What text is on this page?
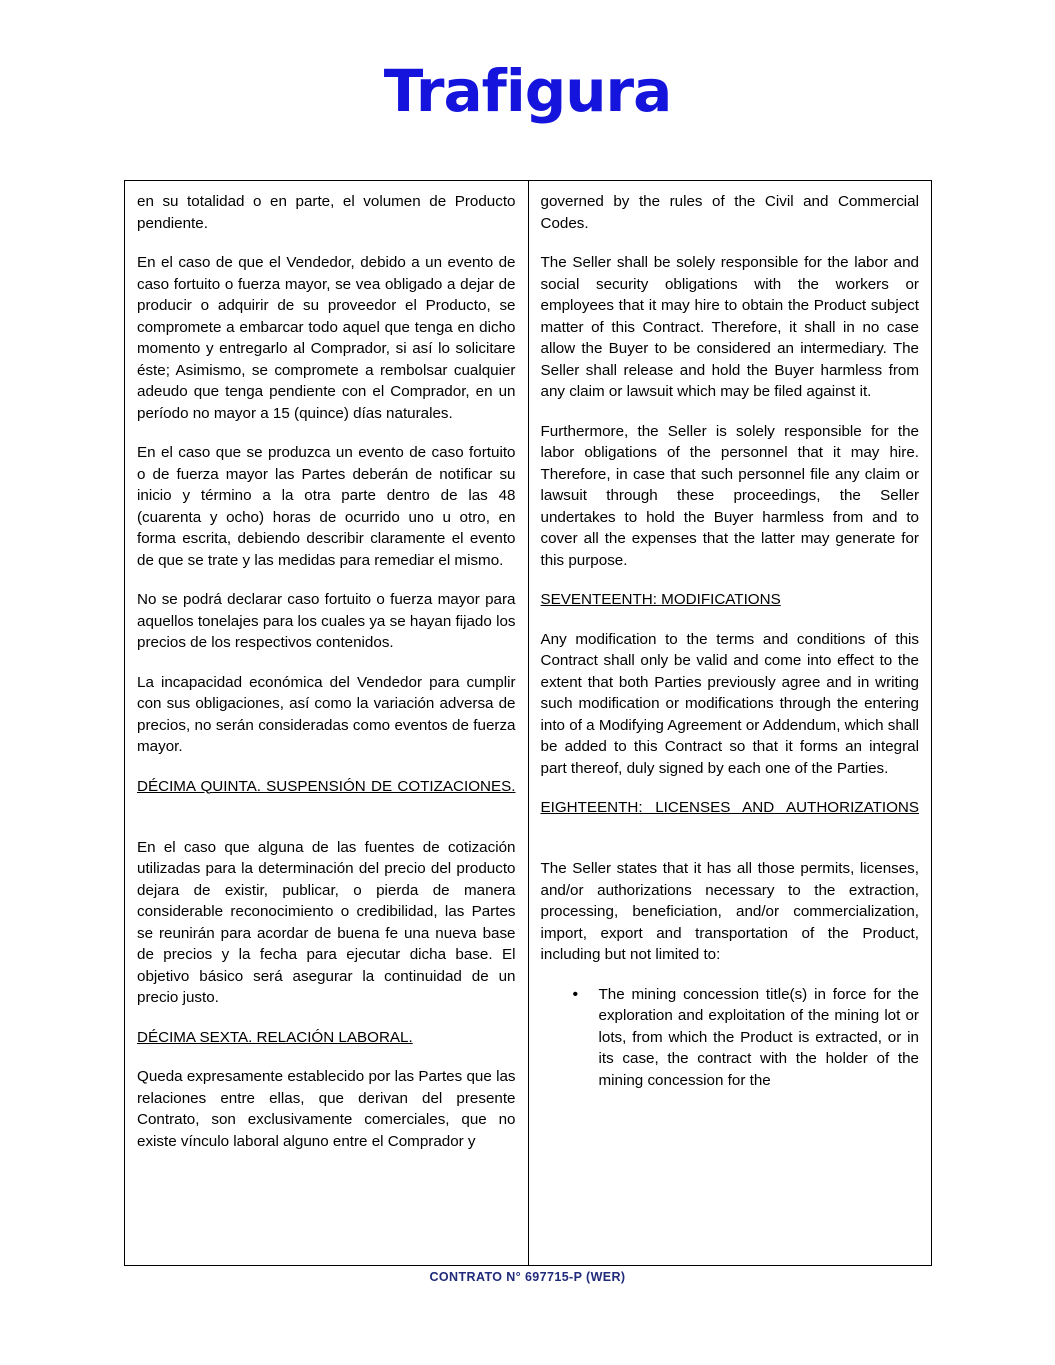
Trafigura

en su totalidad o en parte, el volumen de Producto pendiente.

En el caso de que el Vendedor, debido a un evento de caso fortuito o fuerza mayor, se vea obligado a dejar de producir o adquirir de su proveedor el Producto, se compromete a embarcar todo aquel que tenga en dicho momento y entregarlo al Comprador, si así lo solicitare éste; Asimismo, se compromete a rembolsar cualquier adeudo que tenga pendiente con el Comprador, en un período no mayor a 15 (quince) días naturales.

En el caso que se produzca un evento de caso fortuito o de fuerza mayor las Partes deberán de notificar su inicio y término a la otra parte dentro de las 48 (cuarenta y ocho) horas de ocurrido uno u otro, en forma escrita, debiendo describir claramente el evento de que se trate y las medidas para remediar el mismo.

No se podrá declarar caso fortuito o fuerza mayor para aquellos tonelajes para los cuales ya se hayan fijado los precios de los respectivos contenidos.

La incapacidad económica del Vendedor para cumplir con sus obligaciones, así como la variación adversa de precios, no serán consideradas como eventos de fuerza mayor.

DÉCIMA QUINTA. SUSPENSIÓN DE COTIZACIONES.

En el caso que alguna de las fuentes de cotización utilizadas para la determinación del precio del producto dejara de existir, publicar, o pierda de manera considerable reconocimiento o credibilidad, las Partes se reunirán para acordar de buena fe una nueva base de precios y la fecha para ejecutar dicha base. El objetivo básico será asegurar la continuidad de un precio justo.

DÉCIMA SEXTA. RELACIÓN LABORAL.

Queda expresamente establecido por las Partes que las relaciones entre ellas, que derivan del presente Contrato, son exclusivamente comerciales, que no existe vínculo laboral alguno entre el Comprador y

governed by the rules of the Civil and Commercial Codes.

The Seller shall be solely responsible for the labor and social security obligations with the workers or employees that it may hire to obtain the Product subject matter of this Contract. Therefore, it shall in no case allow the Buyer to be considered an intermediary. The Seller shall release and hold the Buyer harmless from any claim or lawsuit which may be filed against it.

Furthermore, the Seller is solely responsible for the labor obligations of the personnel that it may hire. Therefore, in case that such personnel file any claim or lawsuit through these proceedings, the Seller undertakes to hold the Buyer harmless from and to cover all the expenses that the latter may generate for this purpose.

SEVENTEENTH: MODIFICATIONS

Any modification to the terms and conditions of this Contract shall only be valid and come into effect to the extent that both Parties previously agree and in writing such modification or modifications through the entering into of a Modifying Agreement or Addendum, which shall be added to this Contract so that it forms an integral part thereof, duly signed by each one of the Parties.

EIGHTEENTH: LICENSES AND AUTHORIZATIONS

The Seller states that it has all those permits, licenses, and/or authorizations necessary to the extraction, processing, beneficiation, and/or commercialization, import, export and transportation of the Product, including but not limited to:

• The mining concession title(s) in force for the exploration and exploitation of the mining lot or lots, from which the Product is extracted, or in its case, the contract with the holder of the mining concession for the
CONTRATO N° 697715-P (WER)
